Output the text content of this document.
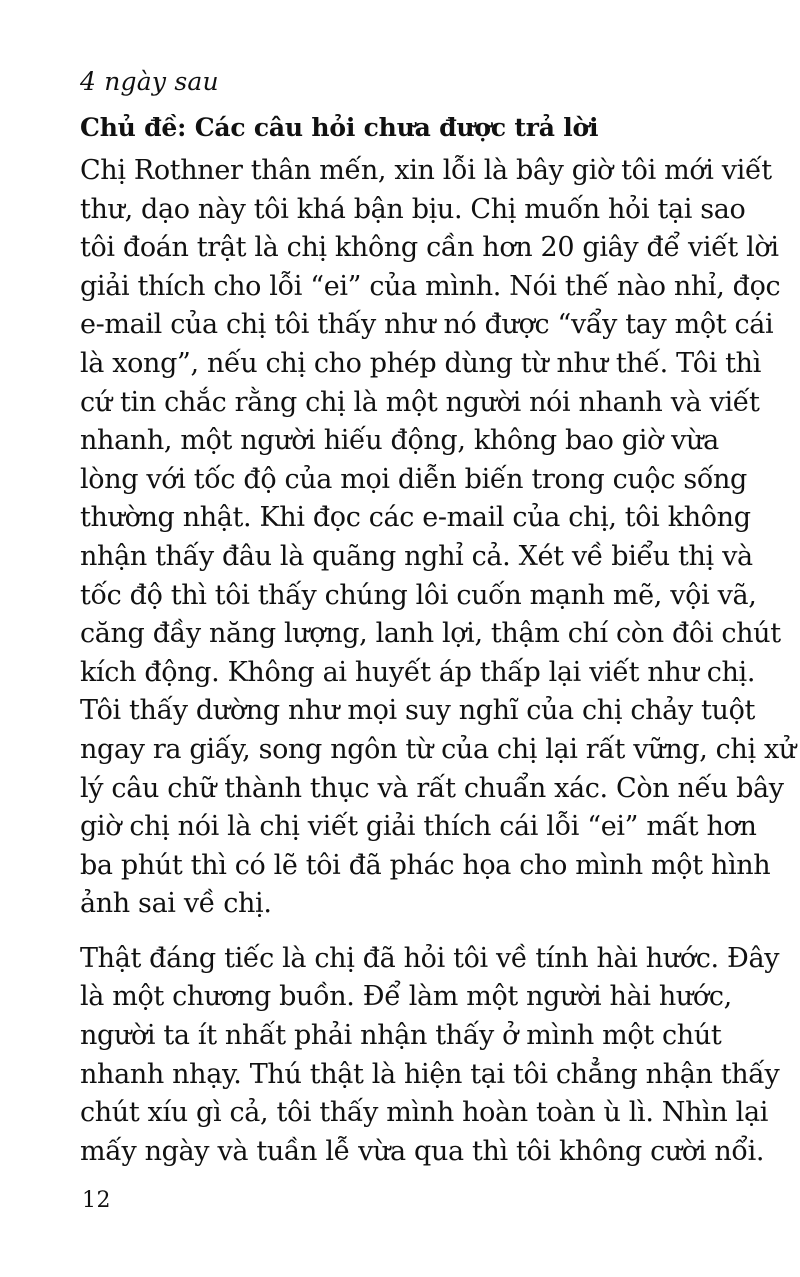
4 ngày sau
Chủ đề: Các câu hỏi chưa được trả lời

Chị Rothner thân mến, xin lỗi là bây giờ tôi mới viết
thư, dạo này tôi khá bận bịu. Chị muốn hỏi tại sao
tôi đoán trật là chị không cần hơn 20 giây để viết lời
giải thích cho lỗi “ei” của mình. Nói thế nào nhỉ, đọc
e-mail của chị tôi thấy như nó được “vẩy tay một cái
là xong”, nếu chị cho phép dùng từ như thế. Tôi thì
cứ tin chắc rằng chị là một người nói nhanh và viết
nhanh, một người hiếu động, không bao giờ vừa
lòng với tốc độ của mọi diễn biến trong cuộc sống
thường nhật. Khi đọc các e-mail của chị, tôi không
nhận thấy đâu là quãng nghỉ cả. Xét về biểu thị và
tốc độ thì tôi thấy chúng lôi cuốn mạnh mẽ, vội vã,
căng đầy năng lượng, lanh lợi, thậm chí còn đôi chút
kích động. Không ai huyết áp thấp lại viết như chị.
Tôi thấy dường như mọi suy nghĩ của chị chảy tuột
ngay ra giấy, song ngôn từ của chị lại rất vững, chị xử
lý câu chữ thành thục và rất chuẩn xác. Còn nếu bây
giờ chị nói là chị viết giải thích cái lỗi “ei” mất hơn
ba phút thì có lẽ tôi đã phác họa cho mình một hình
ảnh sai về chị.

Thật đáng tiếc là chị đã hỏi tôi về tính hài hước. Đây
là một chương buồn. Để làm một người hài hước,
người ta ít nhất phải nhận thấy ở mình một chút
nhanh nhạy. Thú thật là hiện tại tôi chẳng nhận thấy
chút xíu gì cả, tôi thấy mình hoàn toàn ù lì. Nhìn lại
mấy ngày và tuần lễ vừa qua thì tôi không cười nổi.

12
